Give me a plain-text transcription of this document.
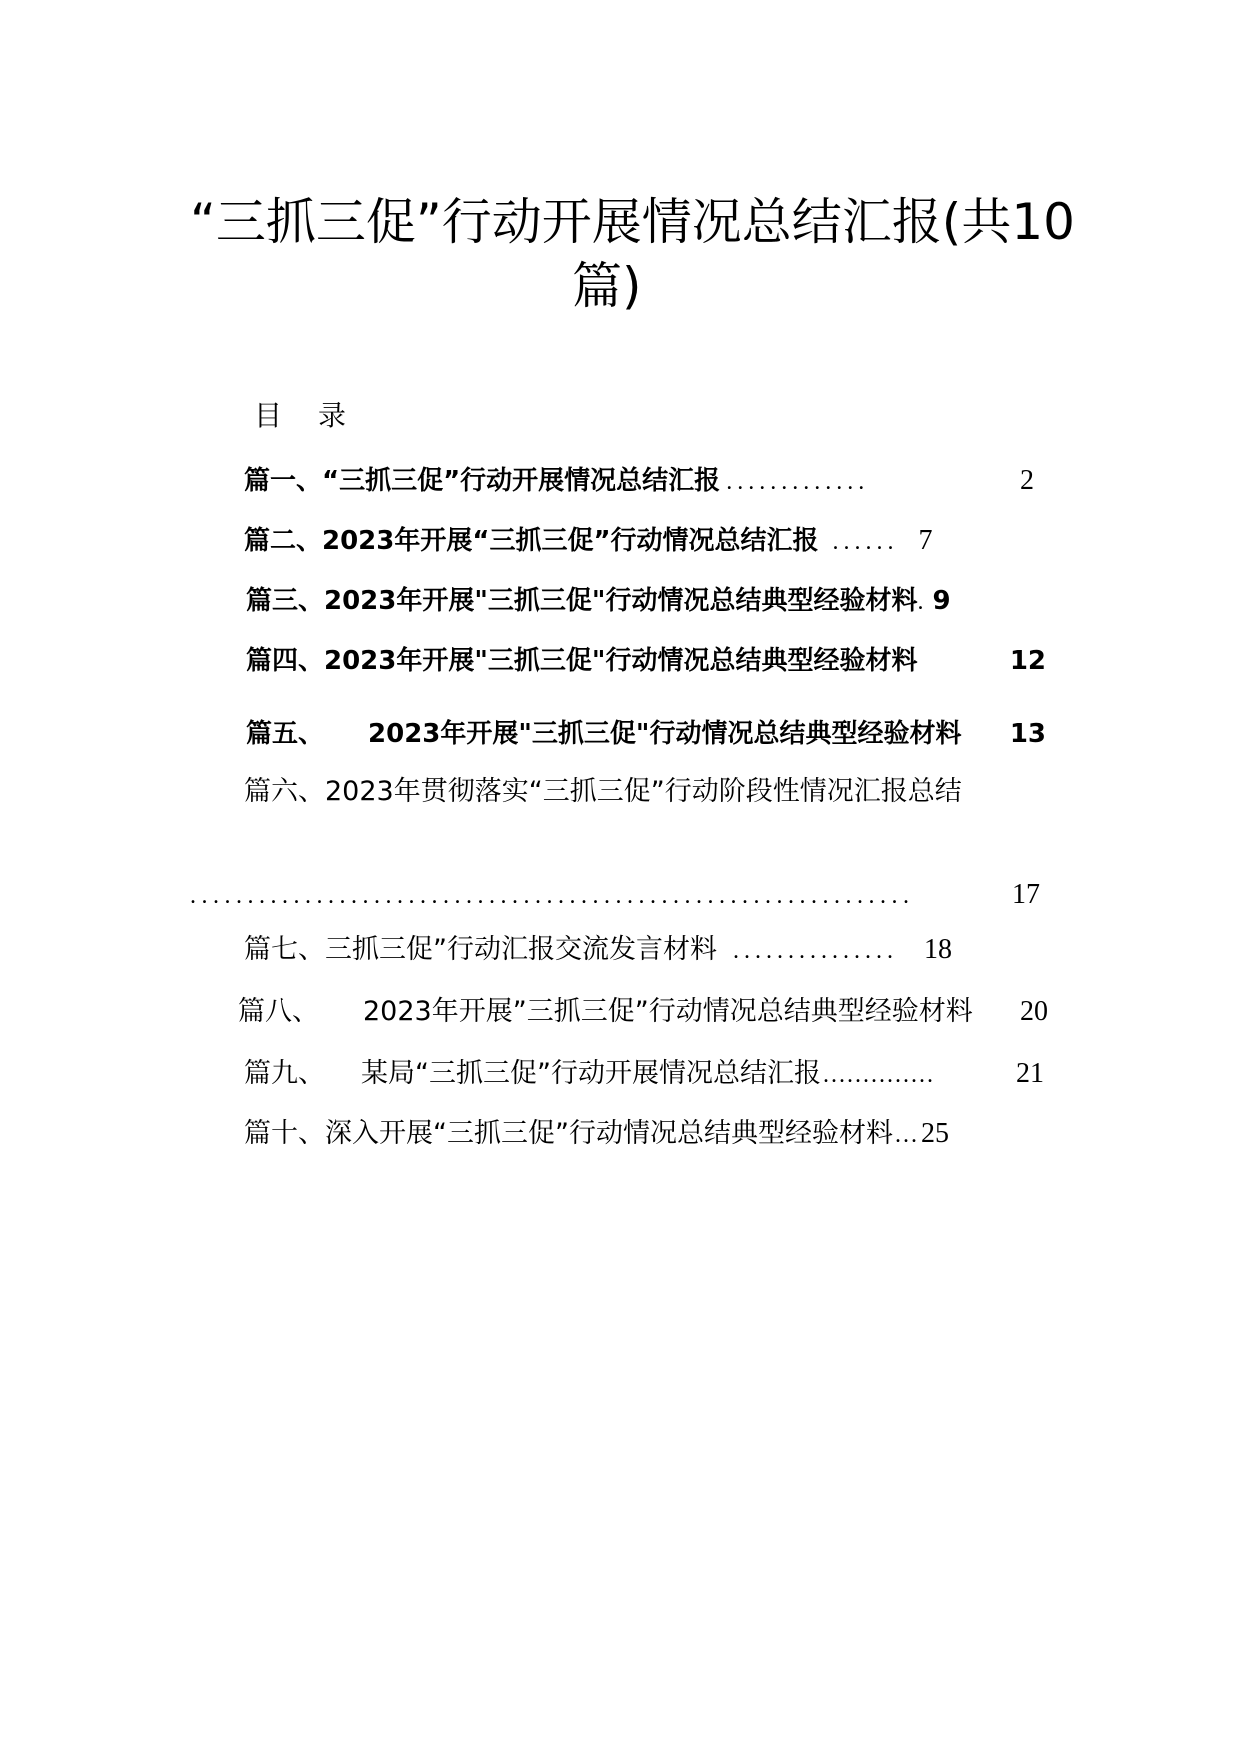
“三抓三促”行动开展情况总结汇报(共10
篇)
目 录
篇一、“三抓三促”行动开展情况总结汇报 .............	2
篇二、2023年开展“三抓三促”行动情况总结汇报 ...... 7
篇三、2023年开展"三抓三促"行动情况总结典型经验材料 . 9
篇四、2023年开展"三抓三促"行动情况总结典型经验材料	12
篇五、 2023年开展"三抓三促"行动情况总结典型经验材料 13
篇六、2023年贯彻落实“三抓三促”行动阶段性情况汇报总结
...............................................................	17
篇七、三抓三促”行动汇报交流发言材料 ............... 18
篇八、 2023年开展”三抓三促”行动情况总结典型经验材料 20
篇九、 某局“三抓三促”行动开展情况总结汇报 ..............	21
篇十、深入开展“三抓三促”行动情况总结典型经验材料 ... 25
